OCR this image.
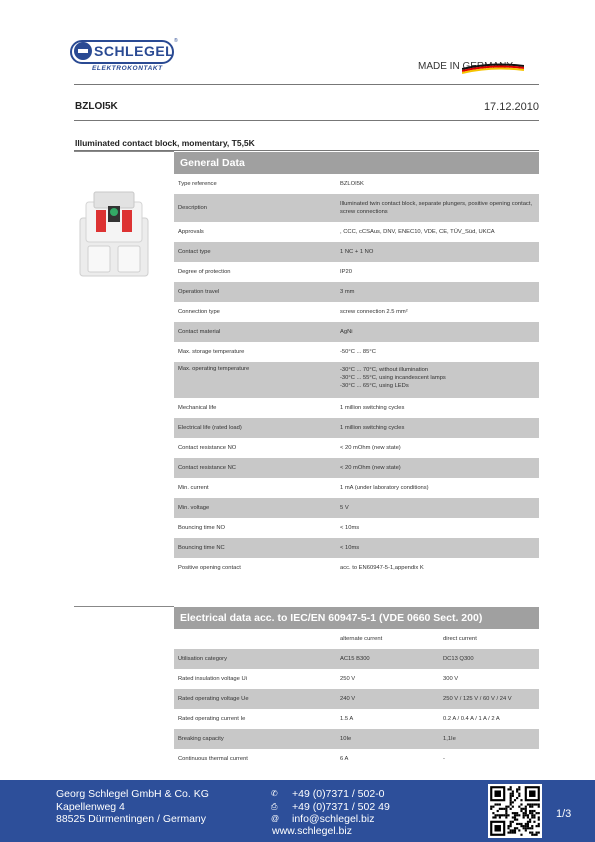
SCHLEGEL
®
ELEKTROKONTAKT	MADE IN GERMANY
BZLOI5K	17.12.2010
Illuminated contact block, momentary, T5,5K
General Data
Type reference	BZLOI5K
Description	Illuminated twin contact block, separate plungers, positive opening contact, screw connections
Approvals	, CCC, cCSAus, DNV, ENEC10, VDE, CE, TÜV_Süd, UKCA
Contact type	1 NC + 1 NO
Degree of protection	IP20
Operation travel	3 mm
Connection type	screw connection 2.5 mm²
Contact material	AgNi
Max. storage temperature	-50°C ... 85°C
Max. operating temperature	-30°C ... 70°C, without illumination
-30°C ... 55°C, using incandescent lamps
-30°C ... 65°C, using LEDs
Mechanical life	1 million switching cycles
Electrical life (rated load)	1 million switching cycles
Contact resistance NO	< 20 mOhm (new state)
Contact resistance NC	< 20 mOhm (new state)
Min. current	1 mA (under laboratory conditions)
Min. voltage	5 V
Bouncing time NO	< 10ms
Bouncing time NC	< 10ms
Positive opening contact	acc. to EN60947-5-1,appendix K
Electrical data acc. to IEC/EN 60947-5-1 (VDE 0660 Sect. 200)
	alternate current	direct current
Utilisation category	AC15 B300	DC13 Q300
Rated insulation voltage Ui	250 V	300 V
Rated operating voltage Ue	240 V	250 V / 125 V / 60 V / 24 V
Rated operating current Ie	1.5 A	0.2 A / 0.4 A / 1 A / 2 A
Breaking capacity	10Ie	1,1Ie
Continuous thermal current	6 A	-
Georg Schlegel GmbH & Co. KG
Kapellenweg 4
88525 Dürmentingen / Germany
✆
⎙
@
+49 (0)7371 / 502-0
+49 (0)7371 / 502 49
info@schlegel.biz
www.schlegel.biz
1/3
